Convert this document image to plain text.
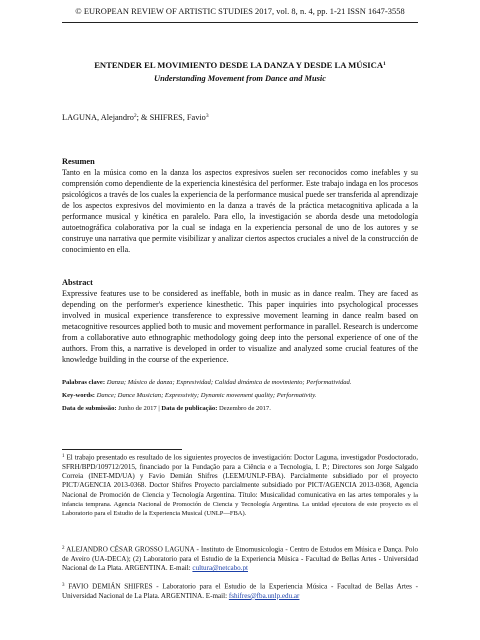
© EUROPEAN REVIEW OF ARTISTIC STUDIES 2017, vol. 8, n. 4, pp. 1-21 ISSN 1647-3558
ENTENDER EL MOVIMIENTO DESDE LA DANZA Y DESDE LA MÚSICA$^1$
Understanding Movement from Dance and Music
LAGUNA, Alejandro$^2$; & SHIFRES, Favio$^3$
Resumen
Tanto en la música como en la danza los aspectos expresivos suelen ser reconocidos como inefables y su comprensión como dependiente de la experiencia kinestésica del performer. Este trabajo indaga en los procesos psicológicos a través de los cuales la experiencia de la performance musical puede ser transferida al aprendizaje de los aspectos expresivos del movimiento en la danza a través de la práctica metacognitiva aplicada a la performance musical y kinética en paralelo. Para ello, la investigación se aborda desde una metodología autoetnográfica colaborativa por la cual se indaga en la experiencia personal de uno de los autores y se construye una narrativa que permite visibilizar y analizar ciertos aspectos cruciales a nivel de la construcción de conocimiento en ella.
Abstract
Expressive features use to be considered as ineffable, both in music as in dance realm. They are faced as depending on the performer's experience kinesthetic. This paper inquiries into psychological processes involved in musical experience transference to expressive movement learning in dance realm based on metacognitive resources applied both to music and movement performance in parallel. Research is undercome from a collaborative auto ethnographic methodology going deep into the personal experience of one of the authors. From this, a narrative is developed in order to visualize and analyzed some crucial features of the knowledge building in the course of the experience.
Palabras clave: Danza; Músico de danza; Expresividad; Calidad dinámica de movimiento; Performatividad.
Key-words: Dance; Dance Musician; Expressivity; Dynamic movement quality; Performativity.
Data de submissão: Junho de 2017 | Data de publicação: Dezembro de 2017.
$^1$ El trabajo presentado es resultado de los siguientes proyectos de investigación: Doctor Laguna, investigador Posdoctorado, SFRH/BPD/109712/2015, financiado por la Fundação para a Ciência e a Tecnologia, I. P.; Directores son Jorge Salgado Correia (INET-MD/UA) y Favio Demián Shifres (LEEM/UNLP-FBA). Parcialmente subsidiado por el proyecto PICT/AGENCIA 2013-0368. Doctor Shifres Proyecto parcialmente subsidiado por PICT/AGENCIA 2013-0368, Agencia Nacional de Promoción de Ciencia y Tecnología Argentina. Título: Musicalidad comunicativa en las artes temporales y la infancia temprana. Agencia Nacional de Promoción de Ciencia y Tecnología Argentina. La unidad ejecutora de este proyecto es el Laboratorio para el Estudio de la Experiencia Musical (UNLP—FBA).
$^2$ ALEJANDRO CÉSAR GROSSO LAGUNA - Instituto de Etnomusicologia - Centro de Estudos em Música e Dança. Polo de Aveiro (UA-DECA); (2) Laboratorio para el Estudio de la Experiencia Música - Facultad de Bellas Artes - Universidad Nacional de La Plata. ARGENTINA. E-mail: cultura@netcabo.pt
$^3$ FAVIO DEMIÁN SHIFRES - Laboratorio para el Estudio de la Experiencia Música - Facultad de Bellas Artes - Universidad Nacional de La Plata. ARGENTINA. E-mail: fshifres@fba.unlp.edu.ar
